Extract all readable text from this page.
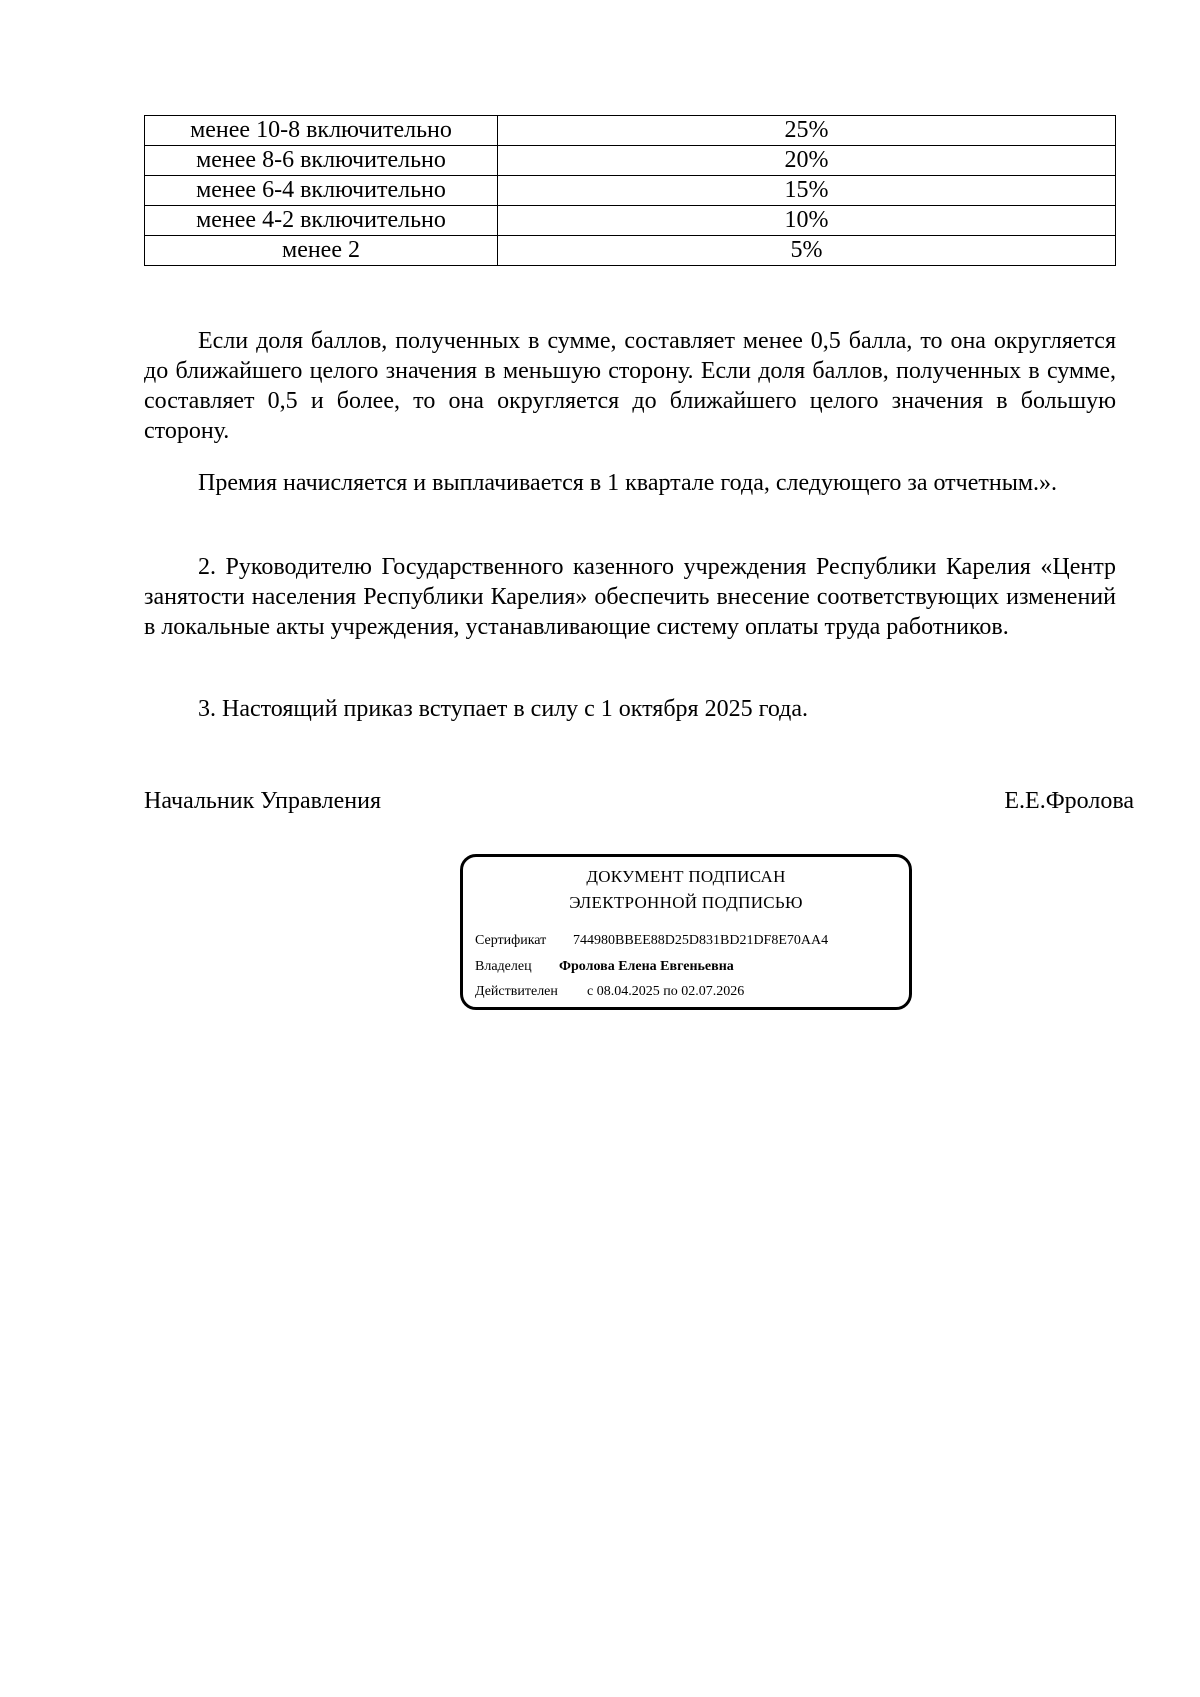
менее 10-8 включительно	25%
менее 8-6 включительно	20%
менее 6-4 включительно	15%
менее 4-2 включительно	10%
менее 2	5%

Если доля баллов, полученных в сумме, составляет менее 0,5 балла, то она округляется до ближайшего целого значения в меньшую сторону. Если доля баллов, полученных в сумме, составляет 0,5 и более, то она округляется до ближайшего целого значения в большую сторону.

Премия начисляется и выплачивается в 1 квартале года, следующего за отчетным.».

2. Руководителю Государственного казенного учреждения Республики Карелия «Центр занятости населения Республики Карелия» обеспечить внесение соответствующих изменений в локальные акты учреждения, устанавливающие систему оплаты труда работников.

3. Настоящий приказ вступает в силу с 1 октября 2025 года.

Начальник Управления	Е.Е.Фролова
ДОКУМЕНТ ПОДПИСАН
ЭЛЕКТРОННОЙ ПОДПИСЬЮ
Сертификат 744980BBEE88D25D831BD21DF8E70AA4
Владелец Фролова Елена Евгеньевна
Действителен с 08.04.2025 по 02.07.2026
